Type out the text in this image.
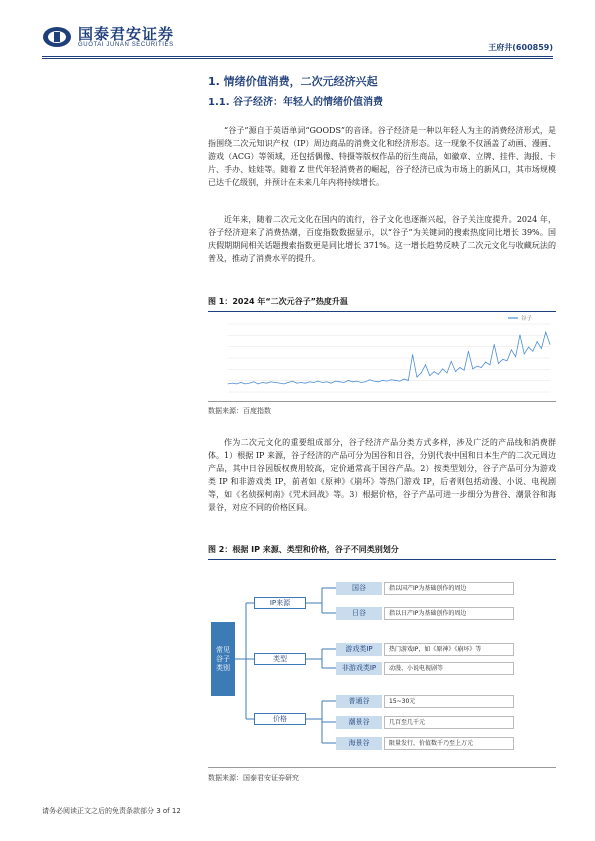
国泰君安证券
GUOTAI JUNAN SECURITIES	王府井(600859)
1. 情绪价值消费，二次元经济兴起
1.1. 谷子经济：年轻人的情绪价值消费
“谷子”源自于英语单词“GOODS”的音译。谷子经济是一种以年轻人为主的消费经济形式，是指围绕二次元知识产权（IP）周边商品的消费文化和经济形态。这一现象不仅涵盖了动画、漫画、游戏（ACG）等领域，还包括偶像、特摄等版权作品的衍生商品，如徽章、立牌、挂件、海报、卡片、手办、娃娃等。随着 Z 世代年轻消费者的崛起，谷子经济已成为市场上的新风口，其市场规模已达千亿级别，并预计在未来几年内将持续增长。
近年来，随着二次元文化在国内的流行，谷子文化也逐渐兴起，谷子关注度提升。2024 年，谷子经济迎来了消费热潮，百度指数数据显示，以“谷子”为关键词的搜索热度同比增长 39%。国庆假期期间相关话题搜索指数更是同比增长 371%。这一增长趋势反映了二次元文化与收藏玩法的普及，推动了消费水平的提升。
图 1：2024 年“二次元谷子”热度升温
谷子
数据来源：百度指数
作为二次元文化的重要组成部分，谷子经济产品分类方式多样，涉及广泛的产品线和消费群体。1）根据 IP 来源，谷子经济的产品可分为国谷和日谷，分别代表中国和日本生产的二次元周边产品，其中日谷因版权费用较高，定价通常高于国谷产品。2）按类型划分，谷子产品可分为游戏类 IP 和非游戏类 IP，前者如《原神》《崩坏》等热门游戏 IP，后者则包括动漫、小说、电视剧等，如《名侦探柯南》《咒术回战》等。3）根据价格，谷子产品可进一步细分为普谷、潮景谷和海景谷，对应不同的价格区间。
图 2：根据 IP 来源、类型和价格，谷子不同类别划分
常见谷子类别
IP来源
类型
价格
国谷	指以国产IP为基础创作的周边
日谷	指以日产IP为基础创作的周边
游戏类IP	热门游戏IP，如《原神》《崩坏》等
非游戏类IP	动漫、小说电视剧等
普通谷	15~30元
潮景谷	几百至几千元
海景谷	限量发行，价值数千乃至上万元
数据来源：国泰君安证券研究
请务必阅读正文之后的免责条款部分 3 of 12
